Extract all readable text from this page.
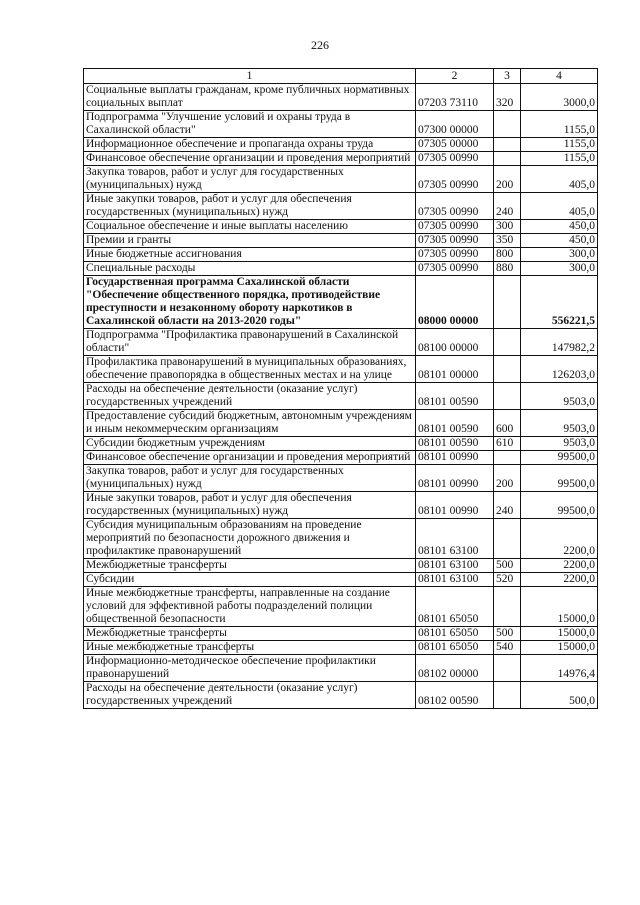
226
1	2	3	4
Социальные выплаты гражданам, кроме публичных нормативных социальных выплат	07203 73110	320	3000,0
Подпрограмма "Улучшение условий и охраны труда в Сахалинской области"	07300 00000		1155,0
Информационное обеспечение и пропаганда охраны труда	07305 00000		1155,0
Финансовое обеспечение организации и проведения мероприятий	07305 00990		1155,0
Закупка товаров, работ и услуг для государственных (муниципальных) нужд	07305 00990	200	405,0
Иные закупки товаров, работ и услуг для обеспечения государственных (муниципальных) нужд	07305 00990	240	405,0
Социальное обеспечение и иные выплаты населению	07305 00990	300	450,0
Премии и гранты	07305 00990	350	450,0
Иные бюджетные ассигнования	07305 00990	800	300,0
Специальные расходы	07305 00990	880	300,0
Государственная программа Сахалинской области "Обеспечение общественного порядка, противодействие преступности и незаконному обороту наркотиков в Сахалинской области на 2013-2020 годы"	08000 00000		556221,5
Подпрограмма "Профилактика правонарушений в Сахалинской области"	08100 00000		147982,2
Профилактика правонарушений в муниципальных образованиях, обеспечение правопорядка в общественных местах и на улице	08101 00000		126203,0
Расходы на обеспечение деятельности (оказание услуг) государственных учреждений	08101 00590		9503,0
Предоставление субсидий бюджетным, автономным учреждениям и иным некоммерческим организациям	08101 00590	600	9503,0
Субсидии бюджетным учреждениям	08101 00590	610	9503,0
Финансовое обеспечение организации и проведения мероприятий	08101 00990		99500,0
Закупка товаров, работ и услуг для государственных (муниципальных) нужд	08101 00990	200	99500,0
Иные закупки товаров, работ и услуг для обеспечения государственных (муниципальных) нужд	08101 00990	240	99500,0
Субсидия муниципальным образованиям на проведение мероприятий по безопасности дорожного движения и профилактике правонарушений	08101 63100		2200,0
Межбюджетные трансферты	08101 63100	500	2200,0
Субсидии	08101 63100	520	2200,0
Иные межбюджетные трансферты, направленные на создание условий для эффективной работы подразделений полиции общественной безопасности	08101 65050		15000,0
Межбюджетные трансферты	08101 65050	500	15000,0
Иные межбюджетные трансферты	08101 65050	540	15000,0
Информационно-методическое обеспечение профилактики правонарушений	08102 00000		14976,4
Расходы на обеспечение деятельности (оказание услуг) государственных учреждений	08102 00590		500,0
